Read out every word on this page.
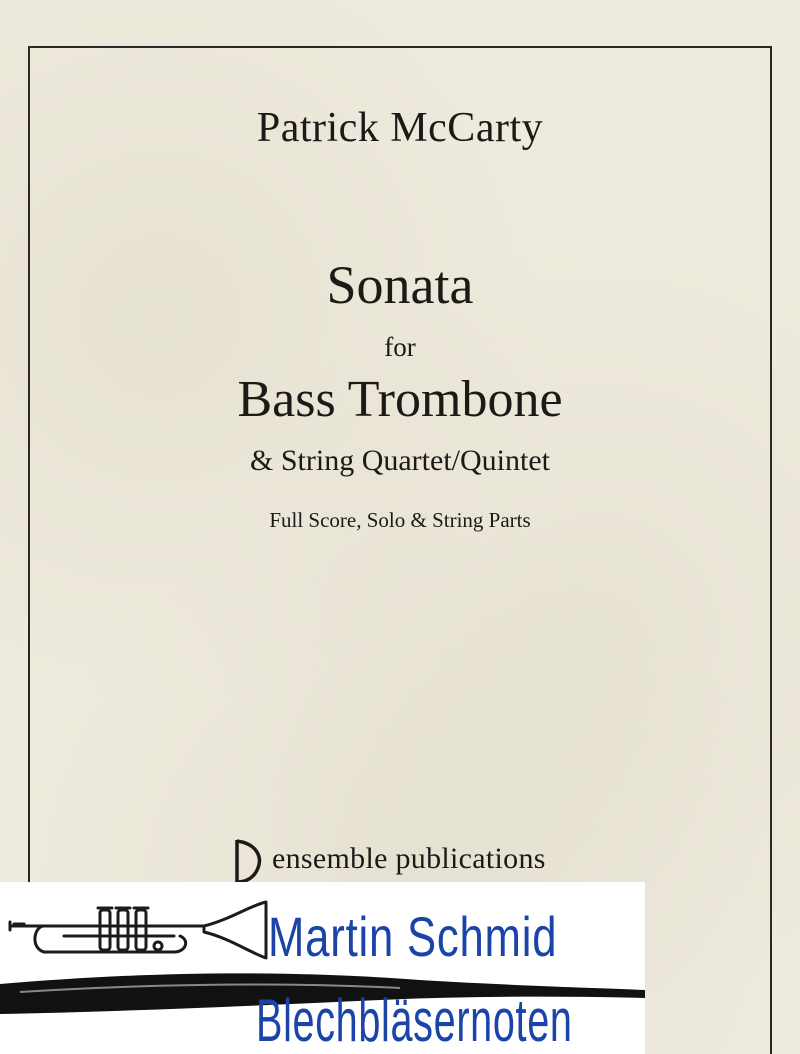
Patrick McCarty
Sonata
for
Bass Trombone
& String Quartet/Quintet
Full Score, Solo & String Parts
ensemble publications
Martin Schmid
Blechbläsernoten
